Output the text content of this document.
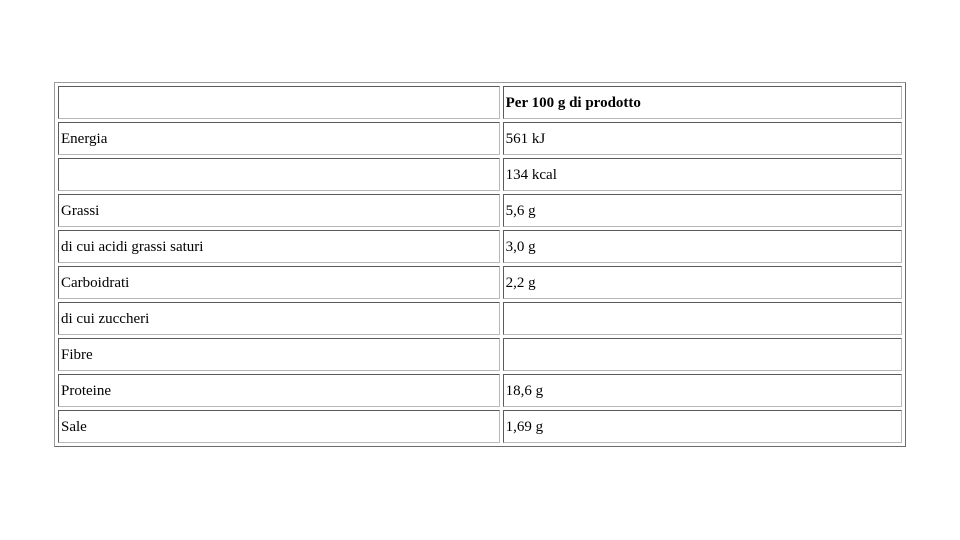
	Per 100 g di prodotto
Energia	561 kJ
	134 kcal
Grassi	5,6 g
di cui acidi grassi saturi	3,0 g
Carboidrati	2,2 g
di cui zuccheri	
Fibre	
Proteine	18,6 g
Sale	1,69 g
